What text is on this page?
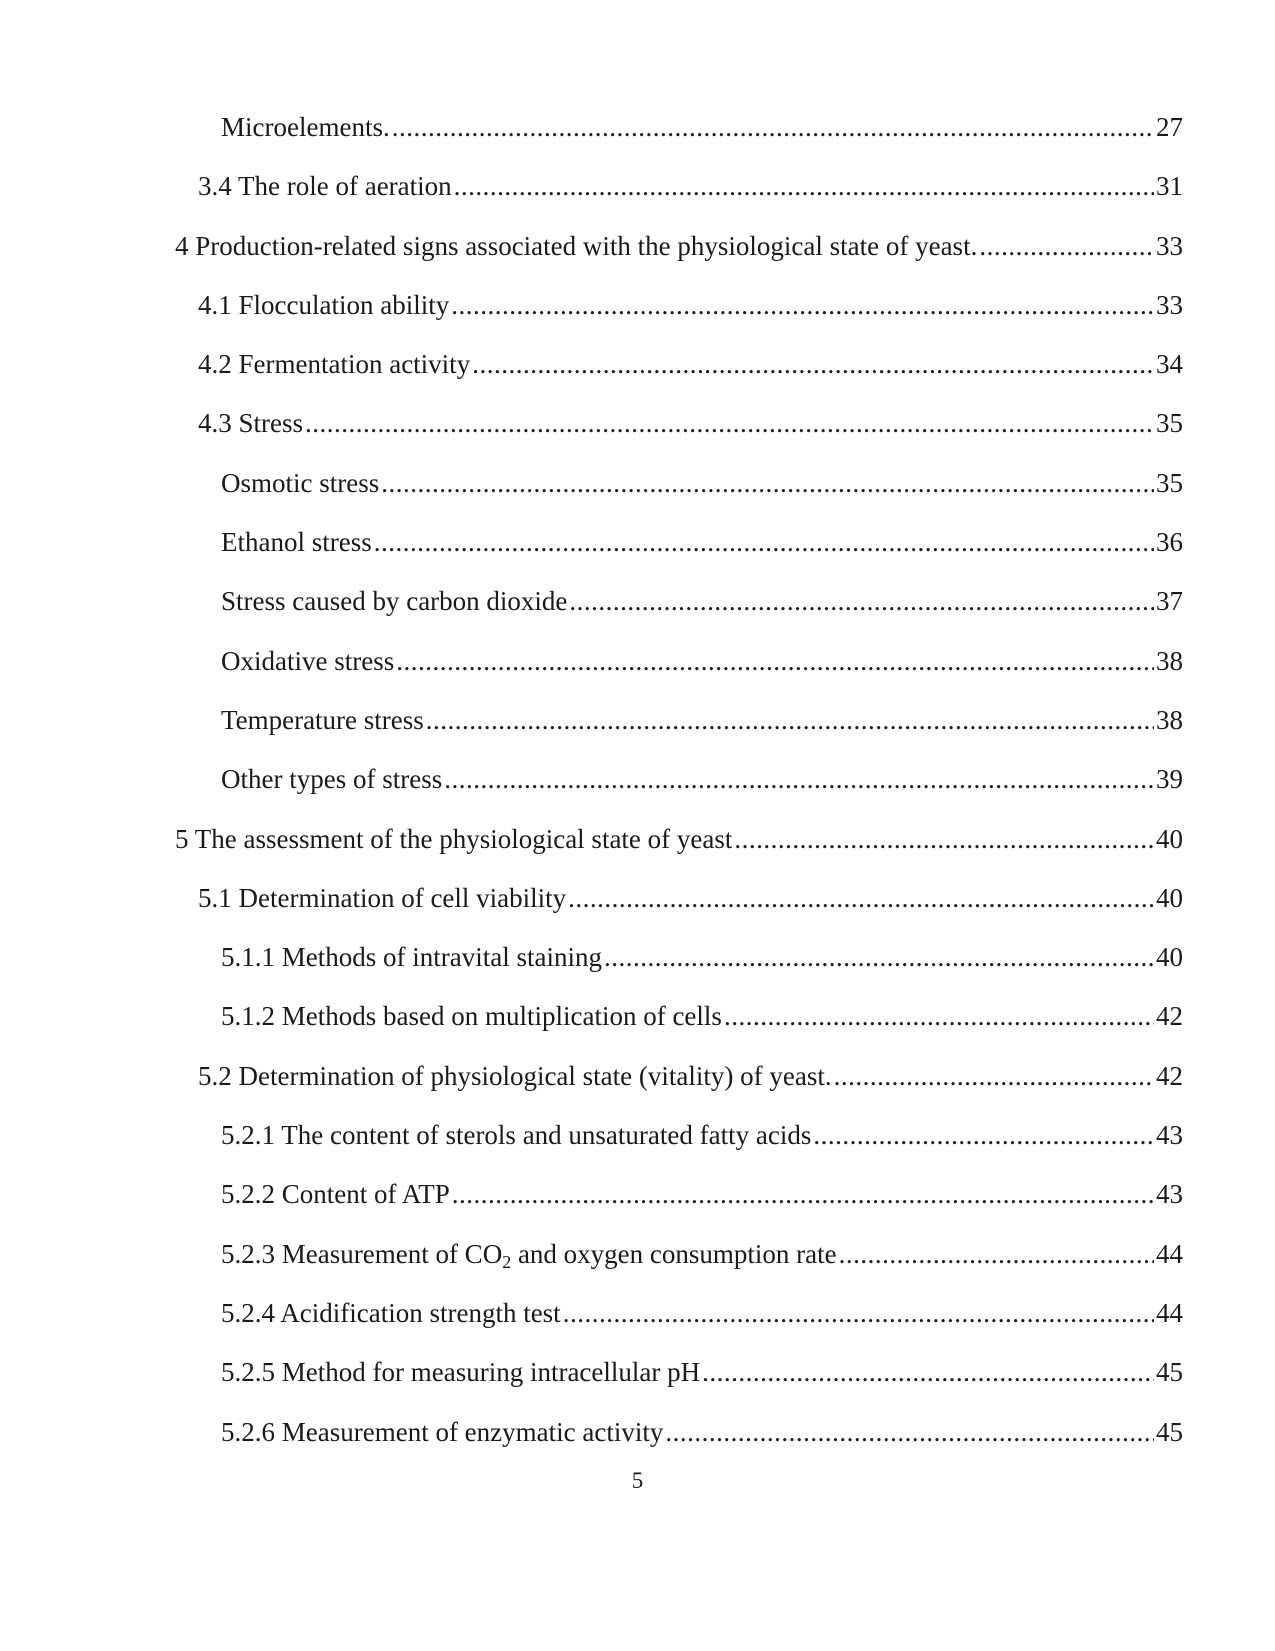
Microelements. .....	27
3.4 The role of aeration .....	31
4 Production-related signs associated with the physiological state of yeast. .....	33
4.1 Flocculation ability .....	33
4.2 Fermentation activity .....	34
4.3 Stress .....	35
Osmotic stress .....	35
Ethanol stress .....	36
Stress caused by carbon dioxide .....	37
Oxidative stress .....	38
Temperature stress .....	38
Other types of stress .....	39
5 The assessment of the physiological state of yeast .....	40
5.1 Determination of cell viability .....	40
5.1.1 Methods of intravital staining .....	40
5.1.2 Methods based on multiplication of cells .....	42
5.2 Determination of physiological state (vitality) of yeast. .....	42
5.2.1 The content of sterols and unsaturated fatty acids .....	43
5.2.2 Content of ATP .....	43
5.2.3 Measurement of $CO_2$ and oxygen consumption rate .....	44
5.2.4 Acidification strength test .....	44
5.2.5 Method for measuring intracellular pH .....	45
5.2.6 Measurement of enzymatic activity .....	45
5
